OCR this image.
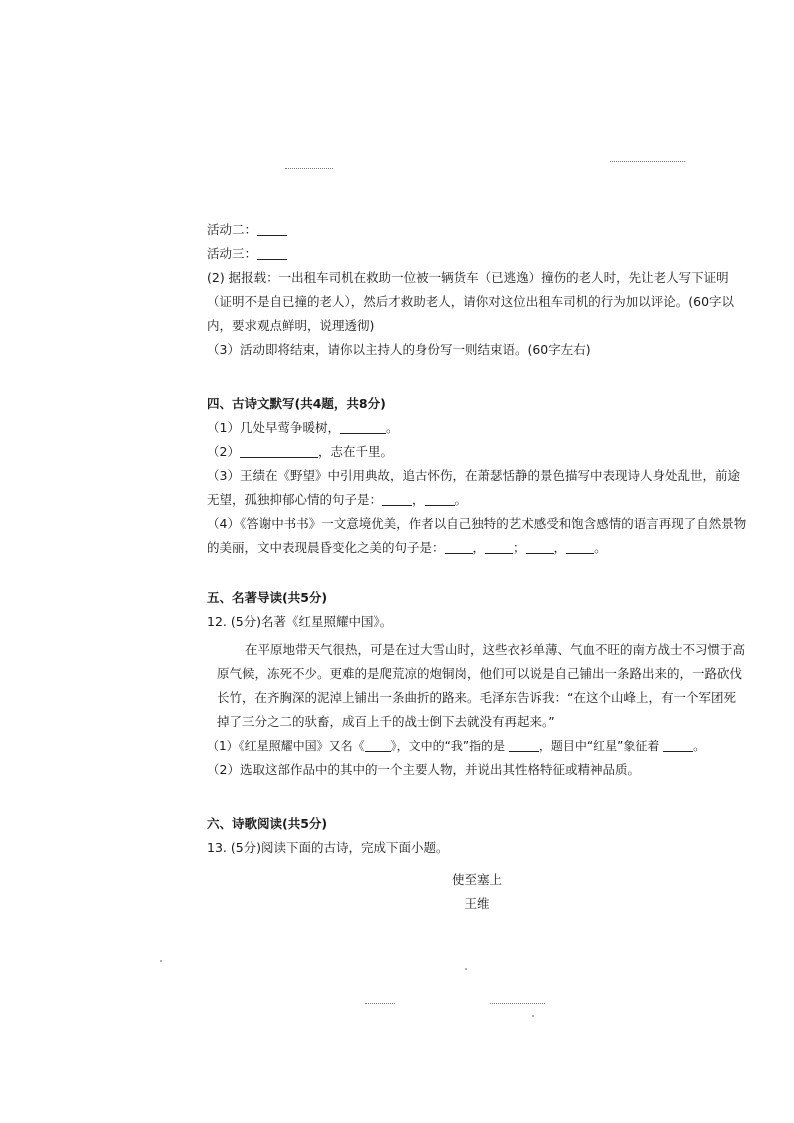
活动二：
活动三：
(2) 据报载：一出租车司机在救助一位被一辆货车（已逃逸）撞伤的老人时，先让老人写下证明（证明不是自已撞的老人），然后才救助老人，请你对这位出租车司机的行为加以评论。(60字以内，要求观点鲜明，说理透彻)
（3）活动即将结束，请你以主持人的身份写一则结束语。(60字左右)
四、古诗文默写(共4题，共8分)
（1）几处早莺争暖树，	。
（2）	，志在千里。
（3）王绩在《野望》中引用典故，追古怀伤，在萧瑟恬静的景色描写中表现诗人身处乱世，前途无望，孤独抑郁心情的句子是： ， 。
（4）《答谢中书书》一文意境优美，作者以自己独特的艺术感受和饱含感情的语言再现了自然景物的美丽，文中表现晨昏变化之美的句子是： ， ； ， 。
五、名著导读(共5分)
12. (5分)名著《红星照耀中国》。
在平原地带天气很热，可是在过大雪山时，这些衣衫单薄、气血不旺的南方战士不习惯于高原气候，冻死不少。更难的是爬荒凉的炮铜岗，他们可以说是自己铺出一条路出来的，一路砍伐长竹，在齐胸深的泥淖上铺出一条曲折的路来。毛泽东告诉我：“在这个山峰上，有一个军团死掉了三分之二的驮畜，成百上千的战士倒下去就没有再起来。”
（1）《红星照耀中国》又名《 》，文中的“我”指的是	，题目中“红星”象征着	。
（2）选取这部作品中的其中的一个主要人物，并说出其性格特征或精神品质。
六、诗歌阅读(共5分)
13. (5分)阅读下面的古诗，完成下面小题。
使至塞上
王维
